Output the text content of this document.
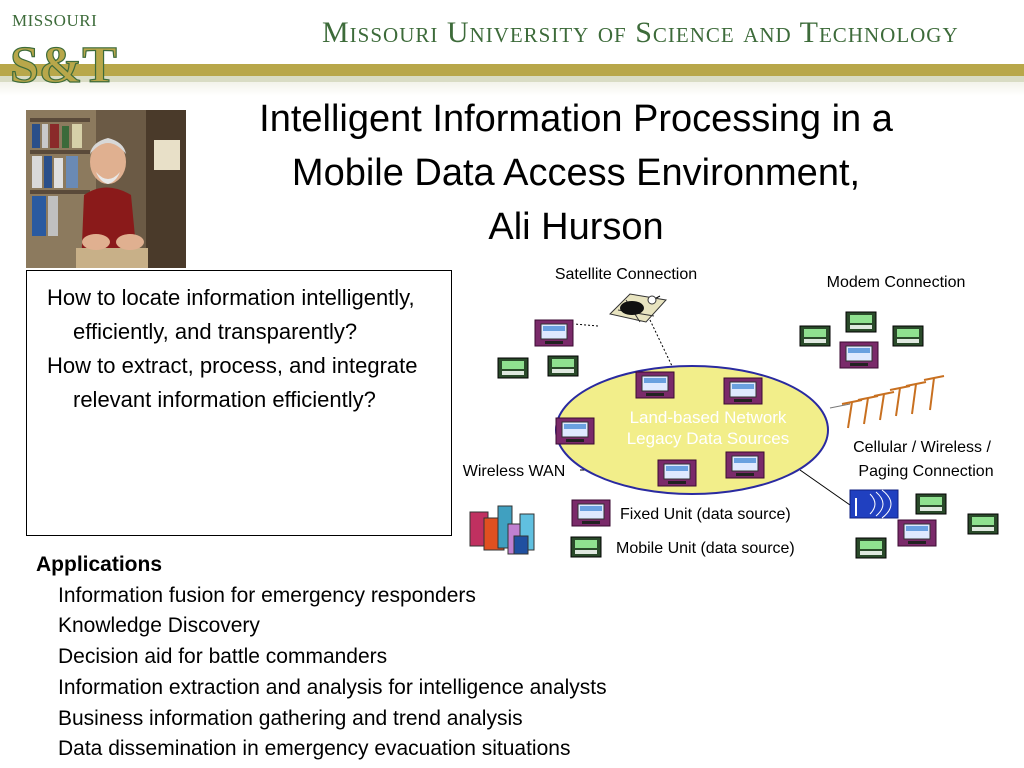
MISSOURI
S&T
Missouri University of Science and Technology
Intelligent Information Processing in a
Mobile Data Access Environment,
Ali Hurson
How to locate information intelligently, efficiently, and transparently?
How to extract, process, and integrate relevant information efficiently?
Applications
Information fusion for emergency responders
Knowledge Discovery
Decision aid for battle commanders
Information extraction and analysis for intelligence analysts
Business information gathering and trend analysis
Data dissemination in emergency evacuation situations
Land-based Network
Legacy Data Sources
Satellite Connection	Modem Connection
Cellular / Wireless /
Paging Connection
Wireless WAN
Fixed Unit (data source)
Mobile Unit (data source)
